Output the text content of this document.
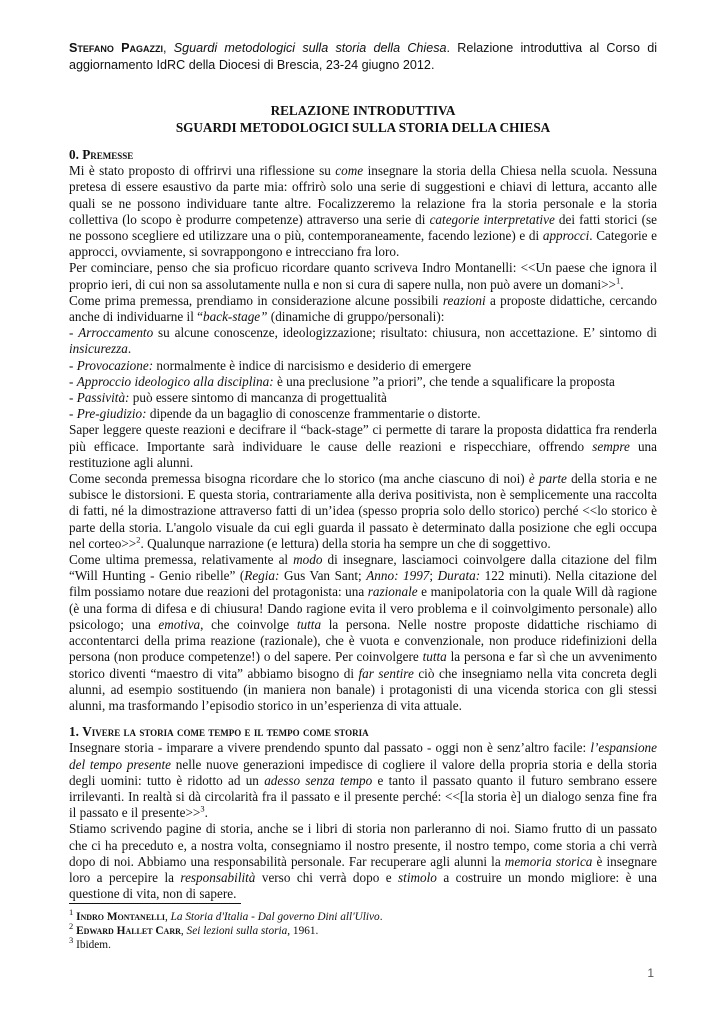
Stefano Pagazzi, Sguardi metodologici sulla storia della Chiesa. Relazione introduttiva al Corso di aggiornamento IdRC della Diocesi di Brescia, 23-24 giugno 2012.
RELAZIONE INTRODUTTIVA
SGUARDI METODOLOGICI SULLA STORIA DELLA CHIESA

0. Premesse

Mi è stato proposto di offrirvi una riflessione su come insegnare la storia della Chiesa nella scuola. Nessuna pretesa di essere esaustivo da parte mia: offrirò solo una serie di suggestioni e chiavi di lettura, accanto alle quali se ne possono individuare tante altre. Focalizzeremo la relazione fra la storia personale e la storia collettiva (lo scopo è produrre competenze) attraverso una serie di categorie interpretative dei fatti storici (se ne possono scegliere ed utilizzare una o più, contemporaneamente, facendo lezione) e di approcci. Categorie e approcci, ovviamente, si sovrappongono e intrecciano fra loro.

Per cominciare, penso che sia proficuo ricordare quanto scriveva Indro Montanelli: <<Un paese che ignora il proprio ieri, di cui non sa assolutamente nulla e non si cura di sapere nulla, non può avere un domani>>$^1$.

Come prima premessa, prendiamo in considerazione alcune possibili reazioni a proposte didattiche, cercando anche di individuarne il “back-stage” (dinamiche di gruppo/personali):

- Arroccamento su alcune conoscenze, ideologizzazione; risultato: chiusura, non accettazione. E’ sintomo di insicurezza.

- Provocazione: normalmente è indice di narcisismo e desiderio di emergere

- Approccio ideologico alla disciplina: è una preclusione ”a priori”, che tende a squalificare la proposta

- Passività: può essere sintomo di mancanza di progettualità

- Pre-giudizio: dipende da un bagaglio di conoscenze frammentarie o distorte.

Saper leggere queste reazioni e decifrare il “back-stage” ci permette di tarare la proposta didattica fra renderla più efficace. Importante sarà individuare le cause delle reazioni e rispecchiare, offrendo sempre una restituzione agli alunni.

Come seconda premessa bisogna ricordare che lo storico (ma anche ciascuno di noi) è parte della storia e ne subisce le distorsioni. E questa storia, contrariamente alla deriva positivista, non è semplicemente una raccolta di fatti, né la dimostrazione attraverso fatti di un’idea (spesso propria solo dello storico) perché <<lo storico è parte della storia. L'angolo visuale da cui egli guarda il passato è determinato dalla posizione che egli occupa nel corteo>>$^2$. Qualunque narrazione (e lettura) della storia ha sempre un che di soggettivo.

Come ultima premessa, relativamente al modo di insegnare, lasciamoci coinvolgere dalla citazione del film “Will Hunting - Genio ribelle” (Regia: Gus Van Sant; Anno: 1997; Durata: 122 minuti). Nella citazione del film possiamo notare due reazioni del protagonista: una razionale e manipolatoria con la quale Will dà ragione (è una forma di difesa e di chiusura! Dando ragione evita il vero problema e il coinvolgimento personale) allo psicologo; una emotiva, che coinvolge tutta la persona. Nelle nostre proposte didattiche rischiamo di accontentarci della prima reazione (razionale), che è vuota e convenzionale, non produce ridefinizioni della persona (non produce competenze!) o del sapere. Per coinvolgere tutta la persona e far sì che un avvenimento storico diventi “maestro di vita” abbiamo bisogno di far sentire ciò che insegniamo nella vita concreta degli alunni, ad esempio sostituendo (in maniera non banale) i protagonisti di una vicenda storica con gli stessi alunni, ma trasformando l’episodio storico in un’esperienza di vita attuale.

1. Vivere la storia come tempo e il tempo come storia

Insegnare storia - imparare a vivere prendendo spunto dal passato - oggi non è senz’altro facile: l’espansione del tempo presente nelle nuove generazioni impedisce di cogliere il valore della propria storia e della storia degli uomini: tutto è ridotto ad un adesso senza tempo e tanto il passato quanto il futuro sembrano essere irrilevanti. In realtà si dà circolarità fra il passato e il presente perché: <<[la storia è] un dialogo senza fine fra il passato e il presente>>$^3$.

Stiamo scrivendo pagine di storia, anche se i libri di storia non parleranno di noi. Siamo frutto di un passato che ci ha preceduto e, a nostra volta, consegniamo il nostro presente, il nostro tempo, come storia a chi verrà dopo di noi. Abbiamo una responsabilità personale. Far recuperare agli alunni la memoria storica è insegnare loro a percepire la responsabilità verso chi verrà dopo e stimolo a costruire un mondo migliore: è una questione di vita, non di sapere.

$^1$ Indro Montanelli, La Storia d'Italia - Dal governo Dini all'Ulivo.

$^2$ Edward Hallet Carr, Sei lezioni sulla storia, 1961.

$^3$ Ibidem.

1
